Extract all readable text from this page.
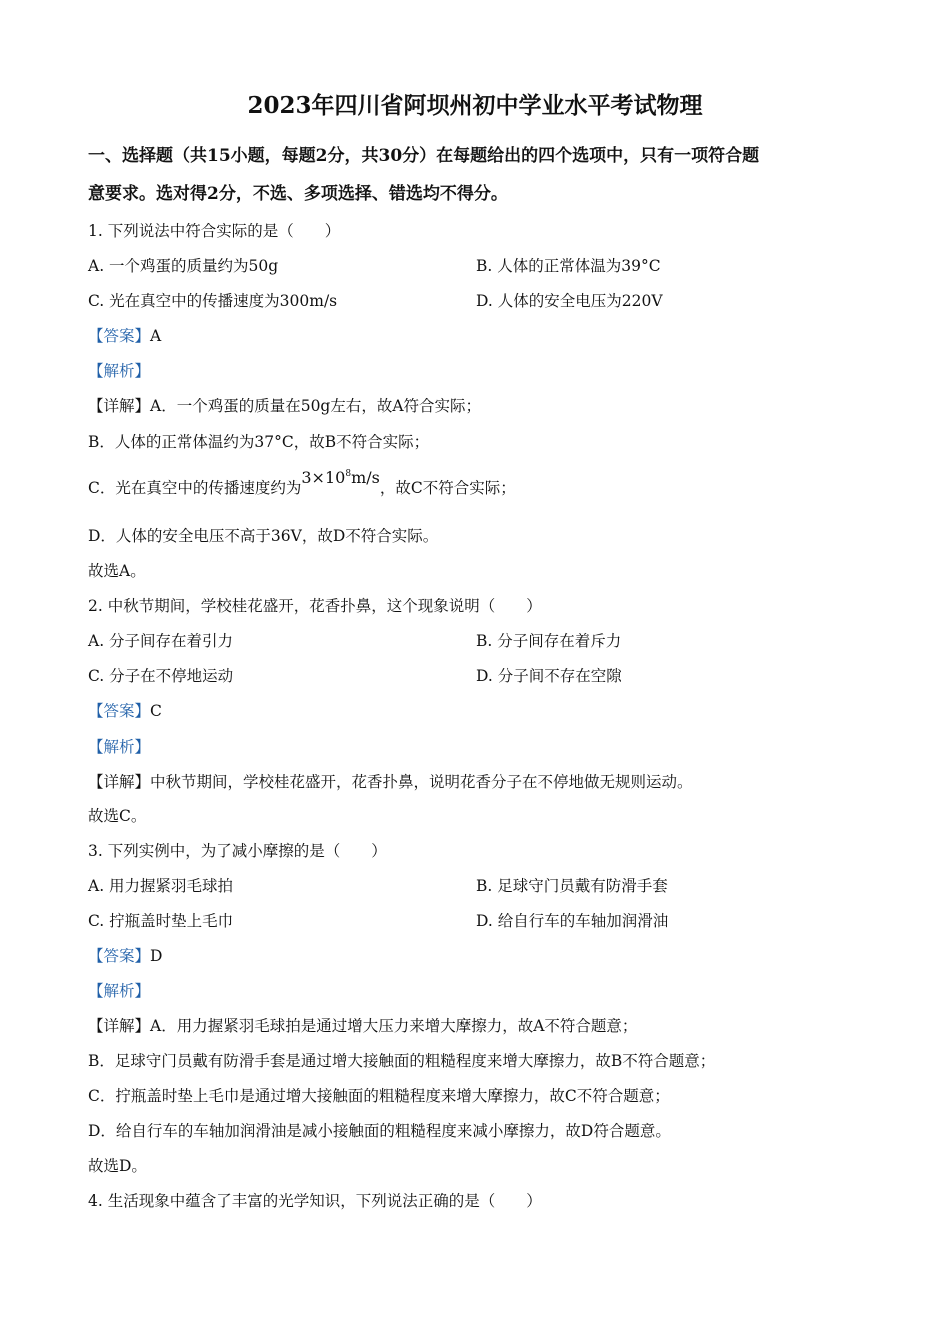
2023年四川省阿坝州初中学业水平考试物理
一、选择题（共15小题，每题2分，共30分）在每题给出的四个选项中，只有一项符合题
意要求。选对得2分，不选、多项选择、错选均不得分。
1. 下列说法中符合实际的是（　　）
A. 一个鸡蛋的质量约为50g	B. 人体的正常体温为39°C
C. 光在真空中的传播速度为300m/s	D. 人体的安全电压为220V
【答案】A
【解析】
【详解】A．一个鸡蛋的质量在50g左右，故A符合实际；
B．人体的正常体温约为37°C，故B不符合实际；
C．光在真空中的传播速度约为$3\times 10^8m/s$，故C不符合实际；
D．人体的安全电压不高于36V，故D不符合实际。
故选A。
2. 中秋节期间，学校桂花盛开，花香扑鼻，这个现象说明（　　）
A. 分子间存在着引力	B. 分子间存在着斥力
C. 分子在不停地运动	D. 分子间不存在空隙
【答案】C
【解析】
【详解】中秋节期间，学校桂花盛开，花香扑鼻，说明花香分子在不停地做无规则运动。
故选C。
3. 下列实例中，为了减小摩擦的是（　　）
A. 用力握紧羽毛球拍	B. 足球守门员戴有防滑手套
C. 拧瓶盖时垫上毛巾	D. 给自行车的车轴加润滑油
【答案】D
【解析】
【详解】A．用力握紧羽毛球拍是通过增大压力来增大摩擦力，故A不符合题意；
B．足球守门员戴有防滑手套是通过增大接触面的粗糙程度来增大摩擦力，故B不符合题意；
C．拧瓶盖时垫上毛巾是通过增大接触面的粗糙程度来增大摩擦力，故C不符合题意；
D．给自行车的车轴加润滑油是减小接触面的粗糙程度来减小摩擦力，故D符合题意。
故选D。
4. 生活现象中蕴含了丰富的光学知识，下列说法正确的是（　　）
